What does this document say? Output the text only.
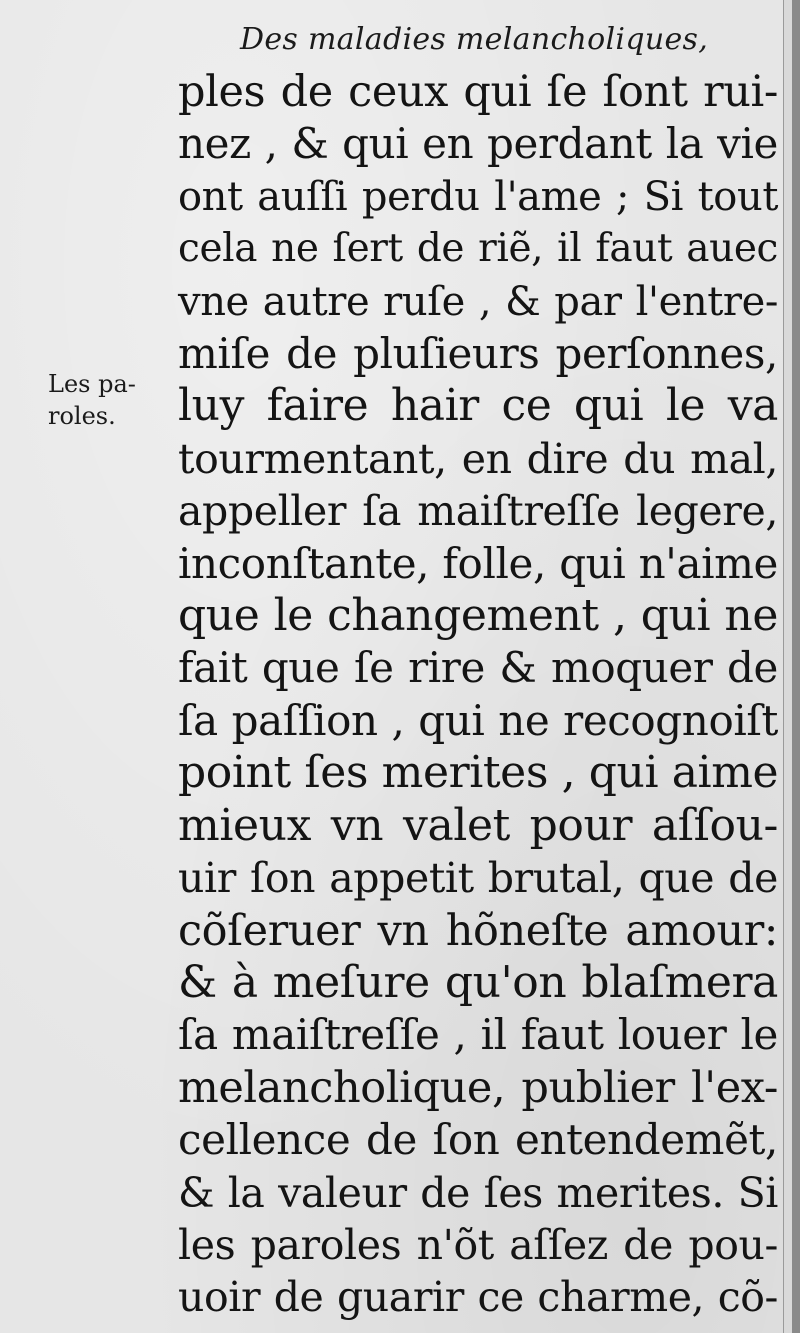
Des maladies melancholiques,
Les pa-
roles.
ples de ceux qui ſe ſont rui-
nez , & qui en perdant la vie
ont auſſi perdu l'ame ; Si tout
cela ne ſert de riẽ, il faut auec
vne autre ruſe , & par l'entre-
miſe de pluſieurs perſonnes,
luy faire hair ce qui le va
tourmentant, en dire du mal,
appeller ſa maiſtreſſe legere,
inconſtante, folle, qui n'aime
que le changement , qui ne
fait que ſe rire & moquer de
ſa paſſion , qui ne recognoiſt
point ſes merites , qui aime
mieux vn valet pour aſſou-
uir ſon appetit brutal, que de
cõſeruer vn hõneſte amour:
& à meſure qu'on blaſmera
ſa maiſtreſſe , il faut louer le
melancholique, publier l'ex-
cellence de ſon entendemẽt,
& la valeur de ſes merites. Si
les paroles n'õt aſſez de pou-
uoir de guarir ce charme, cõ-
